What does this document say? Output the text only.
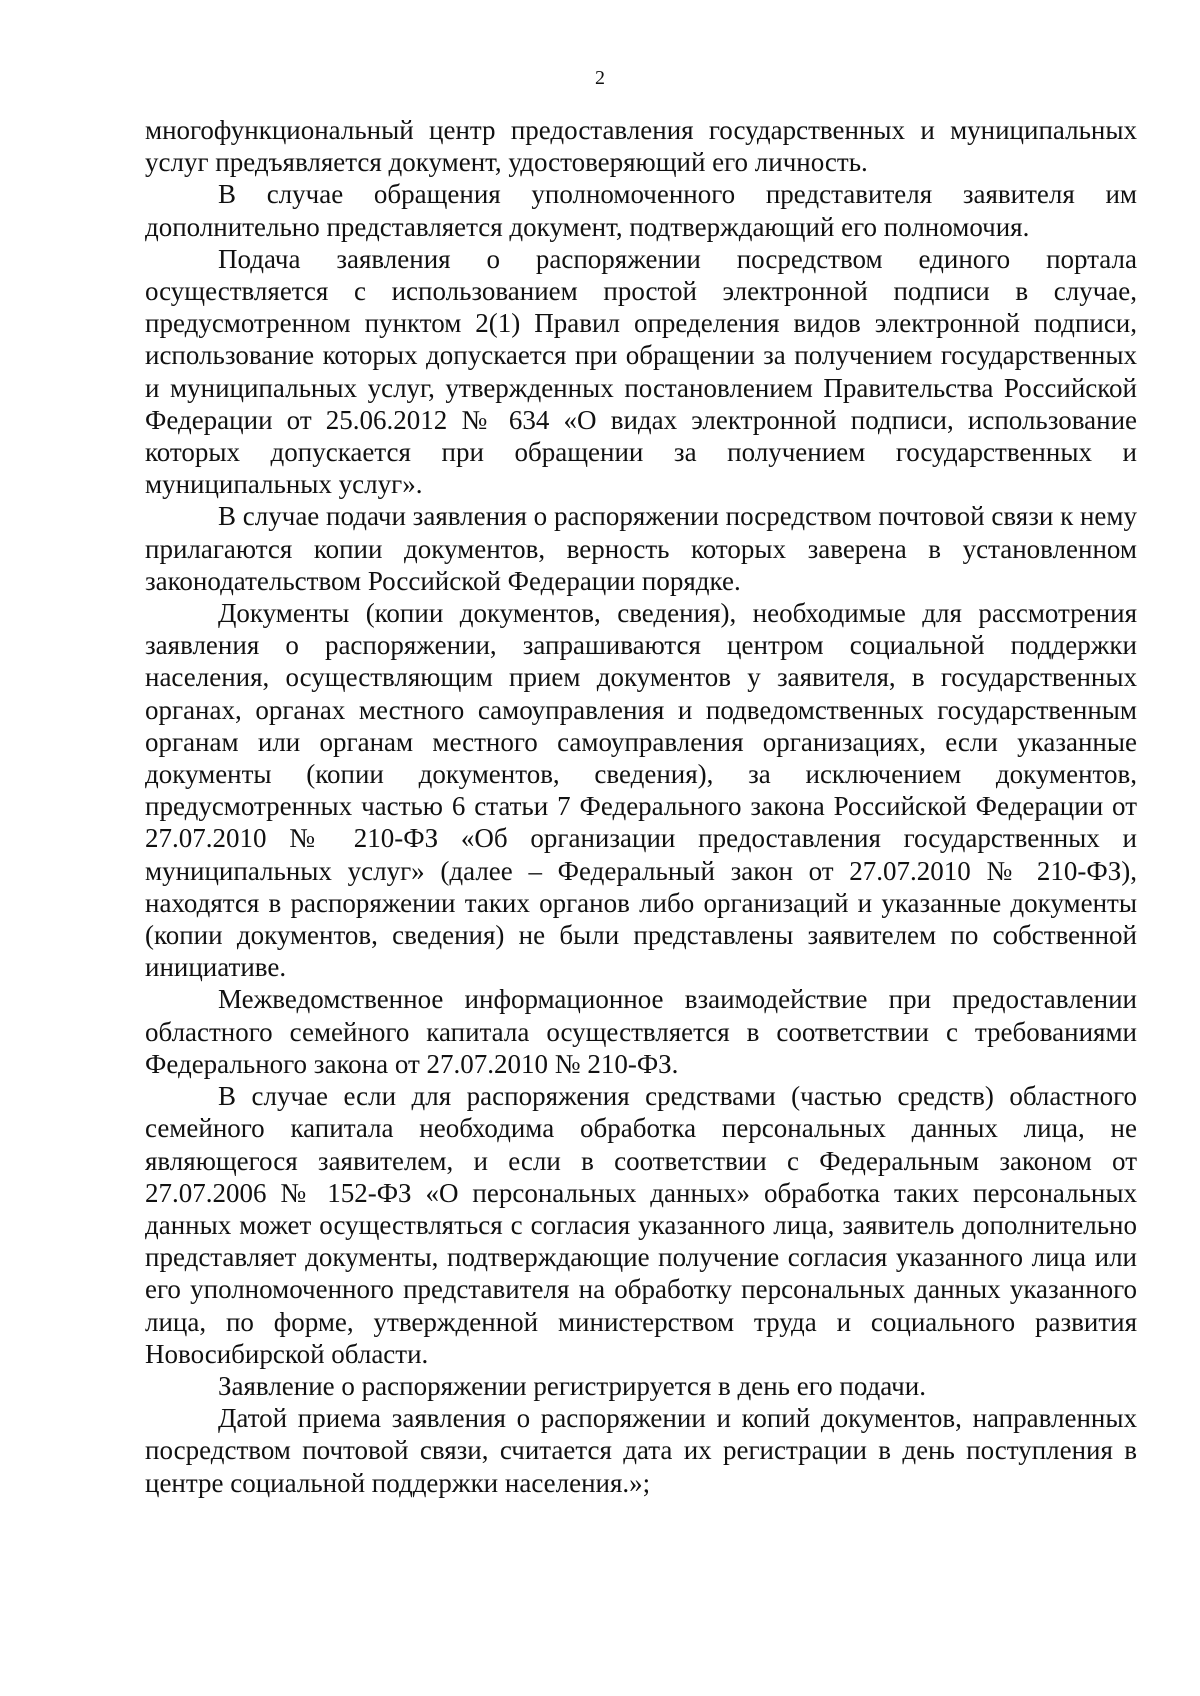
2

многофункциональный центр предоставления государственных и муниципальных услуг предъявляется документ, удостоверяющий его личность.

В случае обращения уполномоченного представителя заявителя им дополнительно представляется документ, подтверждающий его полномочия.

Подача заявления о распоряжении посредством единого портала осуществляется с использованием простой электронной подписи в случае, предусмотренном пунктом 2(1) Правил определения видов электронной подписи, использование которых допускается при обращении за получением государственных и муниципальных услуг, утвержденных постановлением Правительства Российской Федерации от 25.06.2012 № 634 «О видах электронной подписи, использование которых допускается при обращении за получением государственных и муниципальных услуг».

В случае подачи заявления о распоряжении посредством почтовой связи к нему прилагаются копии документов, верность которых заверена в установленном законодательством Российской Федерации порядке.

Документы (копии документов, сведения), необходимые для рассмотрения заявления о распоряжении, запрашиваются центром социальной поддержки населения, осуществляющим прием документов у заявителя, в государственных органах, органах местного самоуправления и подведомственных государственным органам или органам местного самоуправления организациях, если указанные документы (копии документов, сведения), за исключением документов, предусмотренных частью 6 статьи 7 Федерального закона Российской Федерации от 27.07.2010 № 210-ФЗ «Об организации предоставления государственных и муниципальных услуг» (далее – Федеральный закон от 27.07.2010 № 210-ФЗ), находятся в распоряжении таких органов либо организаций и указанные документы (копии документов, сведения) не были представлены заявителем по собственной инициативе.

Межведомственное информационное взаимодействие при предоставлении областного семейного капитала осуществляется в соответствии с требованиями Федерального закона от 27.07.2010 № 210-ФЗ.

В случае если для распоряжения средствами (частью средств) областного семейного капитала необходима обработка персональных данных лица, не являющегося заявителем, и если в соответствии с Федеральным законом от 27.07.2006 № 152-ФЗ «О персональных данных» обработка таких персональных данных может осуществляться с согласия указанного лица, заявитель дополнительно представляет документы, подтверждающие получение согласия указанного лица или его уполномоченного представителя на обработку персональных данных указанного лица, по форме, утвержденной министерством труда и социального развития Новосибирской области.

Заявление о распоряжении регистрируется в день его подачи.

Датой приема заявления о распоряжении и копий документов, направленных посредством почтовой связи, считается дата их регистрации в день поступления в центре социальной поддержки населения.»;
